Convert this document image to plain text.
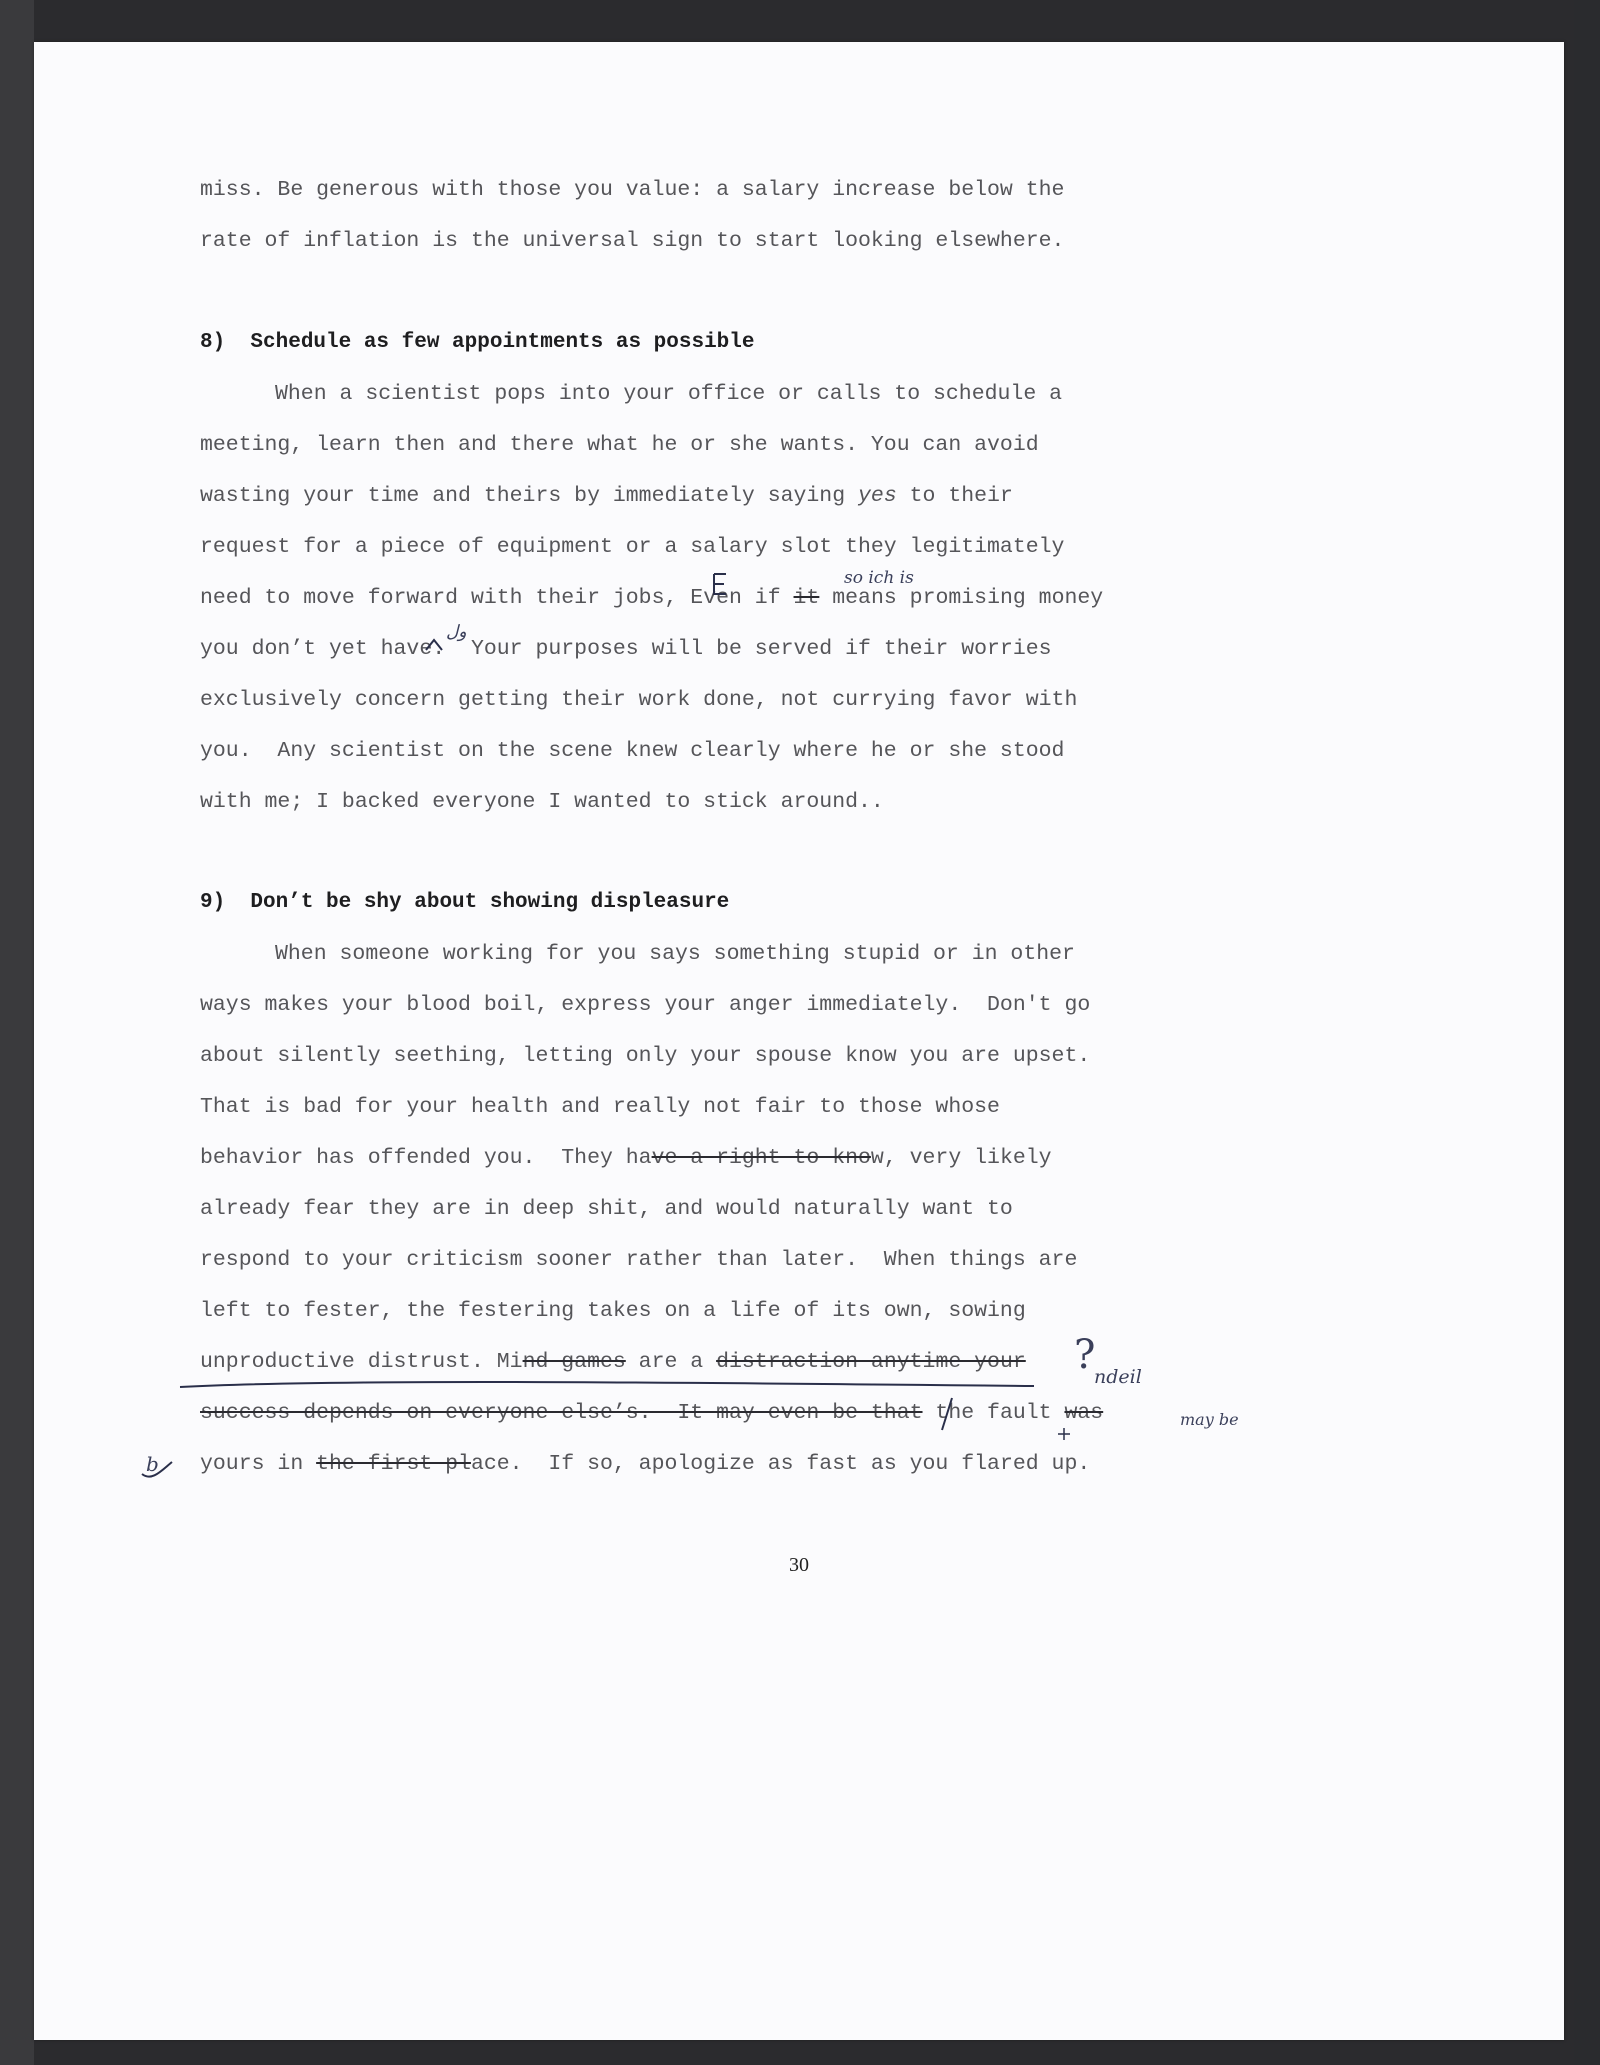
miss. Be generous with those you value: a salary increase below the

rate of inflation is the universal sign to start looking elsewhere.

8)  Schedule as few appointments as possible

When a scientist pops into your office or calls to schedule a

meeting, learn then and there what he or she wants. You can avoid

wasting your time and theirs by immediately saying yes to their

request for a piece of equipment or a salary slot they legitimately

need to move forward with their jobs, Even if it means promising money

you don’t yet have. Your purposes will be served if their worries

exclusively concern getting their work done, not currying favor with

you.  Any scientist on the scene knew clearly where he or she stood

with me; I backed everyone I wanted to stick around..

9)  Don’t be shy about showing displeasure

When someone working for you says something stupid or in other

ways makes your blood boil, express your anger immediately.  Don't go

about silently seething, letting only your spouse know you are upset.

That is bad for your health and really not fair to those whose

behavior has offended you.  They have a right to know, very likely

already fear they are in deep shit, and would naturally want to

respond to your criticism sooner rather than later.  When things are

left to fester, the festering takes on a life of its own, sowing

unproductive distrust. Mind games are a distraction anytime your

success depends on everyone else’s.  It may even be that the fault was

yours in the first place.  If so, apologize as fast as you flared up.

30

so ich is
ول
?
ndeil
may be
b
